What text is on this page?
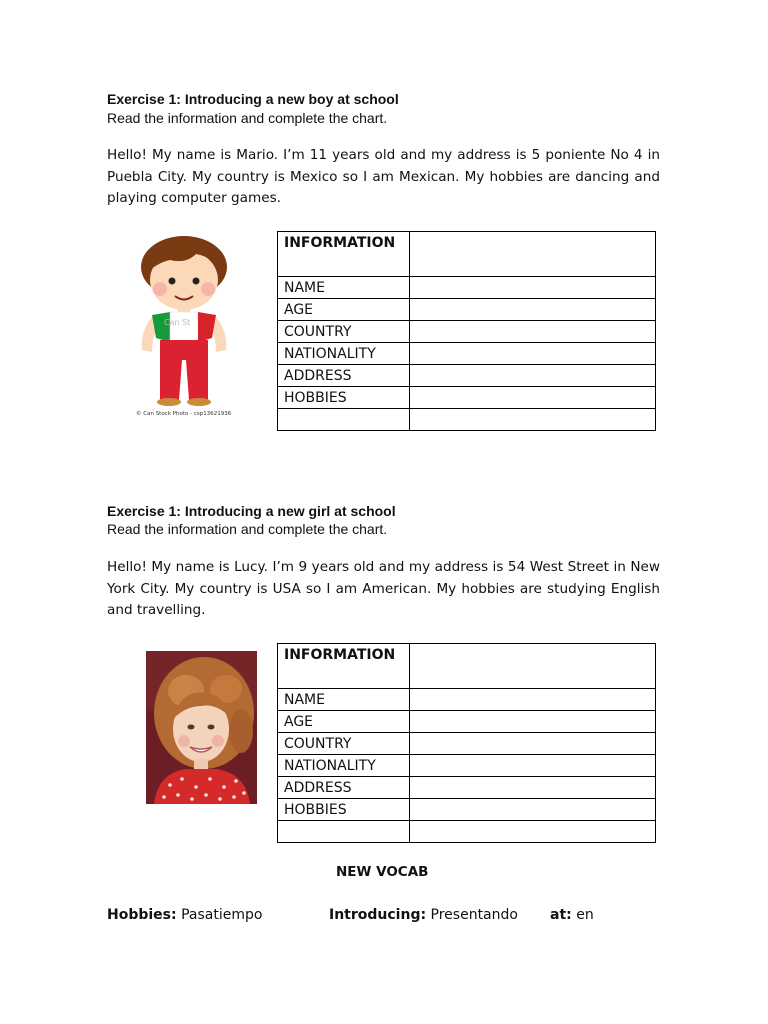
Exercise 1: Introducing a new boy at school
Read the information and complete the chart.
Hello! My name is Mario. I’m 11 years old and my address is 5 poniente No 4 in Puebla City. My country is Mexico so I am Mexican. My hobbies are dancing and playing computer games.
Can St
© Can Stock Photo - csp13621936
INFORMATION	
NAME	
AGE	
COUNTRY	
NATIONALITY	
ADDRESS	
HOBBIES	

Exercise 1: Introducing a new girl at school
Read the information and complete the chart.
Hello! My name is Lucy. I’m 9 years old and my address is 54 West Street in New York City. My country is USA so I am American. My hobbies are studying English and travelling.
INFORMATION	
NAME	
AGE	
COUNTRY	
NATIONALITY	
ADDRESS	
HOBBIES	

NEW VOCAB
Hobbies: Pasatiempo	Introducing: Presentando at: en
